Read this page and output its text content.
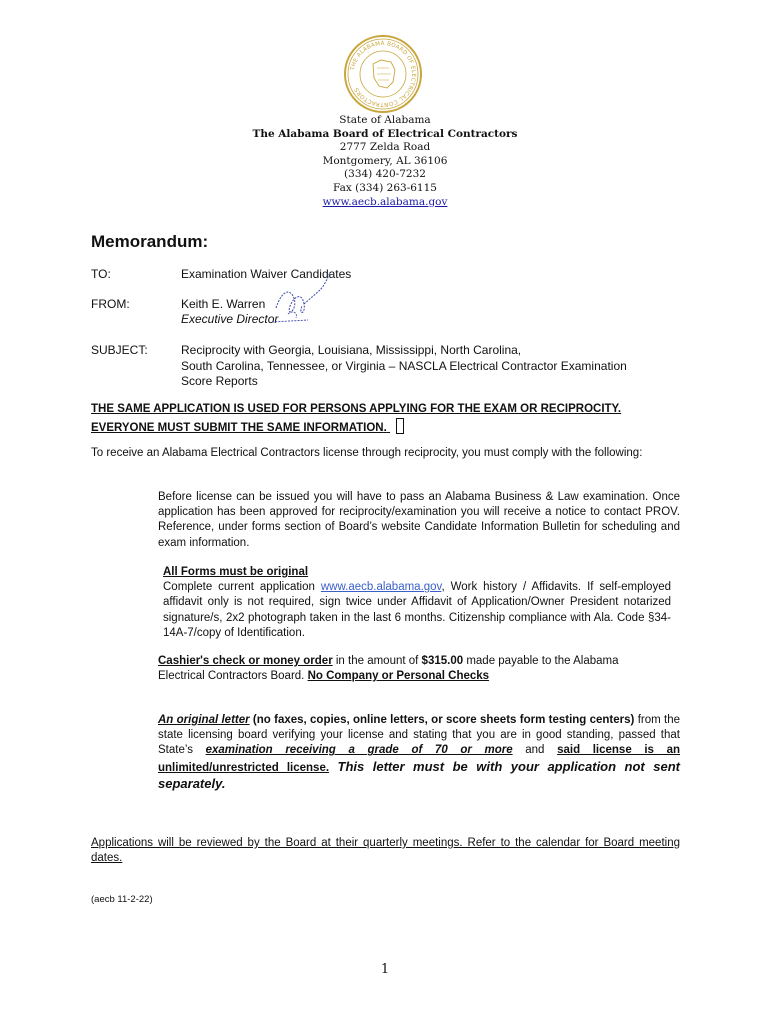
THE ALABAMA BOARD OF ELECTRICAL CONTRACTORS
State of Alabama
The Alabama Board of Electrical Contractors
2777 Zelda Road
Montgomery, AL 36106
(334) 420-7232
Fax (334) 263-6115
www.aecb.alabama.gov
Memorandum:
TO:	Examination Waiver Candidates
FROM:	Keith E. Warren
Executive Director
SUBJECT:	Reciprocity with Georgia, Louisiana, Mississippi, North Carolina,
South Carolina, Tennessee, or Virginia – NASCLA Electrical Contractor Examination
Score Reports
THE SAME APPLICATION IS USED FOR PERSONS APPLYING FOR THE EXAM OR RECIPROCITY.
EVERYONE MUST SUBMIT THE SAME INFORMATION.
To receive an Alabama Electrical Contractors license through reciprocity, you must comply with the following:
Before license can be issued you will have to pass an Alabama Business & Law examination. Once application has been approved for reciprocity/examination you will receive a notice to contact PROV. Reference, under forms section of Board’s website Candidate Information Bulletin for scheduling and exam information.
All Forms must be original
Complete current application www.aecb.alabama.gov, Work history / Affidavits. If self-employed affidavit only is not required, sign twice under Affidavit of Application/Owner President notarized signature/s, 2x2 photograph taken in the last 6 months. Citizenship compliance with Ala. Code §34-14A-7/copy of Identification.
Cashier's check or money order in the amount of $315.00 made payable to the Alabama Electrical Contractors Board. No Company or Personal Checks
An original letter (no faxes, copies, online letters, or score sheets form testing centers) from the state licensing board verifying your license and stating that you are in good standing, passed that State’s examination receiving a grade of 70 or more and said license is an unlimited/unrestricted license. This letter must be with your application not sent separately.
Applications will be reviewed by the Board at their quarterly meetings. Refer to the calendar for Board meeting dates.
(aecb 11-2-22)
1
